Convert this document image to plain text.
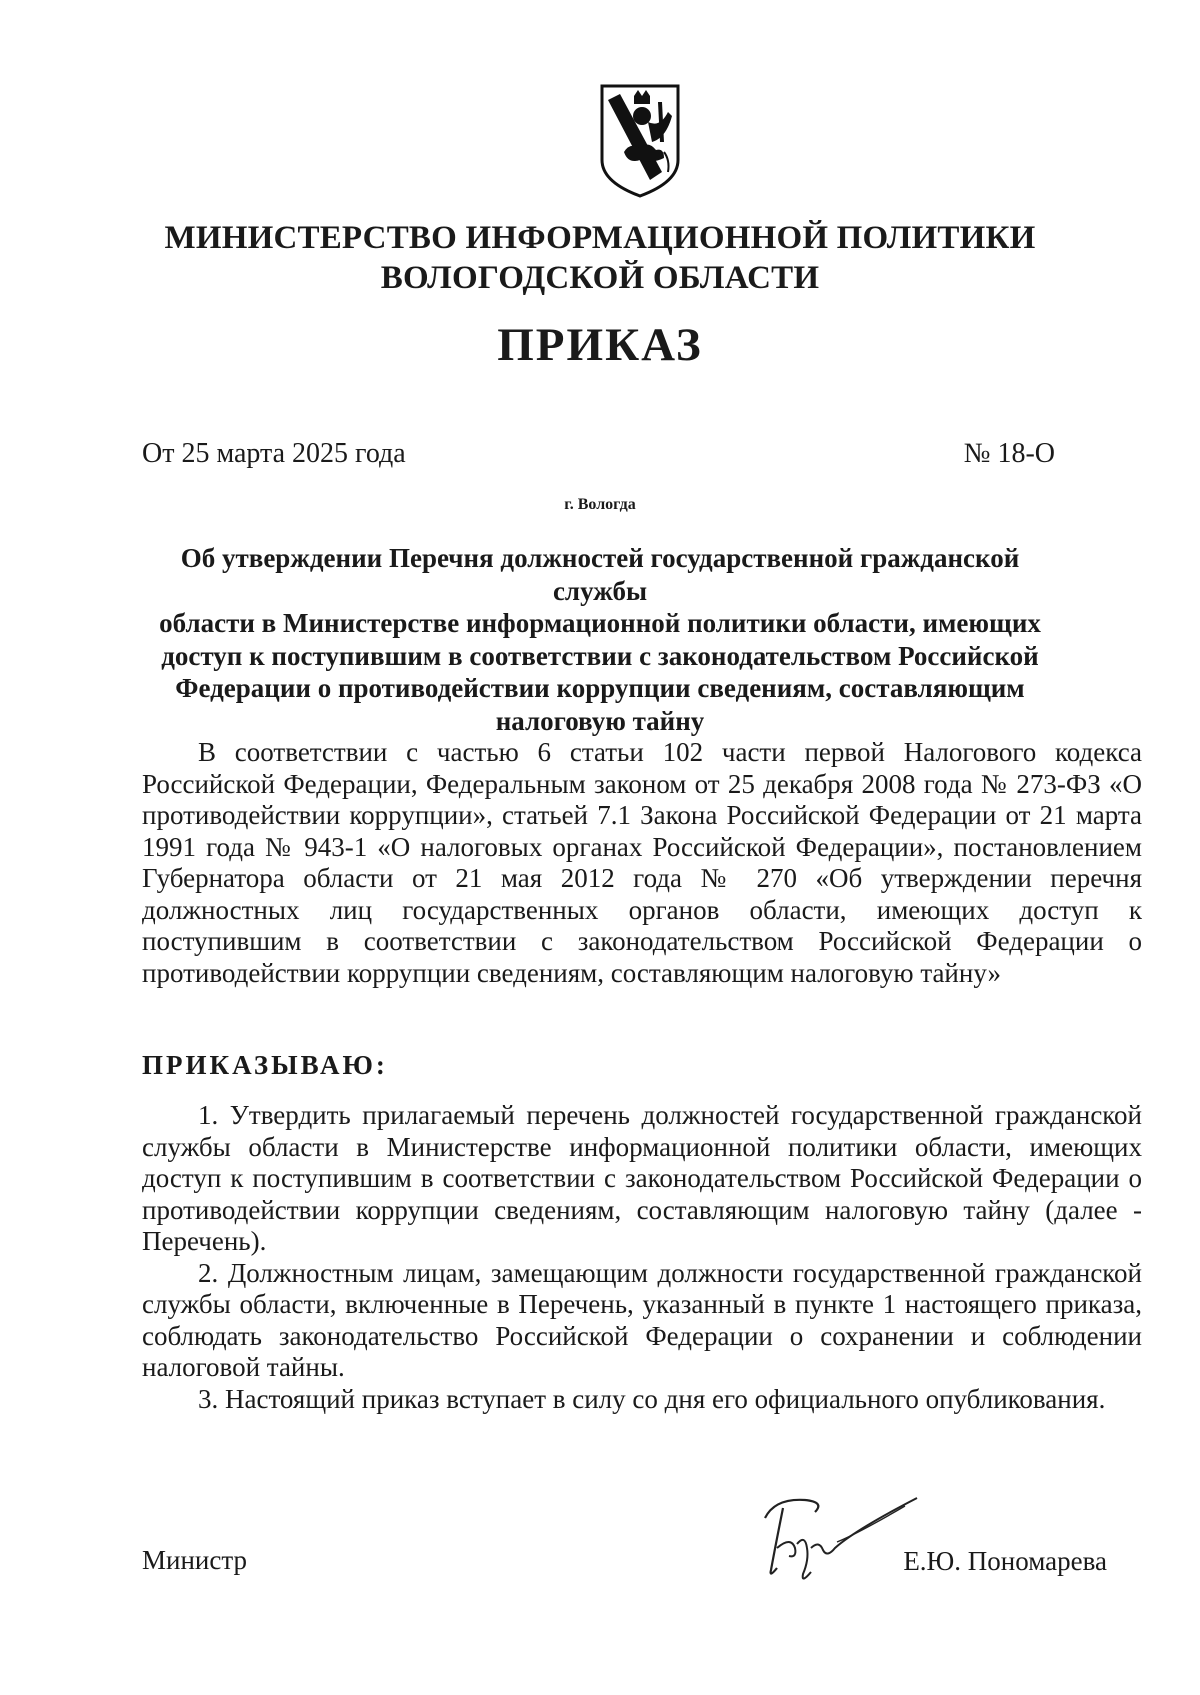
МИНИСТЕРСТВО ИНФОРМАЦИОННОЙ ПОЛИТИКИ
ВОЛОГОДСКОЙ ОБЛАСТИ
ПРИКАЗ
От 25 марта 2025 года	№ 18-О
г. Вологда
Об утверждении Перечня должностей государственной гражданской службы
области в Министерстве информационной политики области, имеющих
доступ к поступившим в соответствии с законодательством Российской
Федерации о противодействии коррупции сведениям, составляющим
налоговую тайну

В соответствии с частью 6 статьи 102 части первой Налогового кодекса Российской Федерации, Федеральным законом от 25 декабря 2008 года № 273-ФЗ «О противодействии коррупции», статьей 7.1 Закона Российской Федерации от 21 марта 1991 года № 943-1 «О налоговых органах Российской Федерации», постановлением Губернатора области от 21 мая 2012 года № 270 «Об утверждении перечня должностных лиц государственных органов области, имеющих доступ к поступившим в соответствии с законодательством Российской Федерации о противодействии коррупции сведениям, составляющим налоговую тайну»

ПРИКАЗЫВАЮ:

1. Утвердить прилагаемый перечень должностей государственной гражданской службы области в Министерстве информационной политики области, имеющих доступ к поступившим в соответствии с законодательством Российской Федерации о противодействии коррупции сведениям, составляющим налоговую тайну (далее - Перечень).

2. Должностным лицам, замещающим должности государственной гражданской службы области, включенные в Перечень, указанный в пункте 1 настоящего приказа, соблюдать законодательство Российской Федерации о сохранении и соблюдении налоговой тайны.

3. Настоящий приказ вступает в силу со дня его официального опубликования.

Министр	Е.Ю. Пономарева
